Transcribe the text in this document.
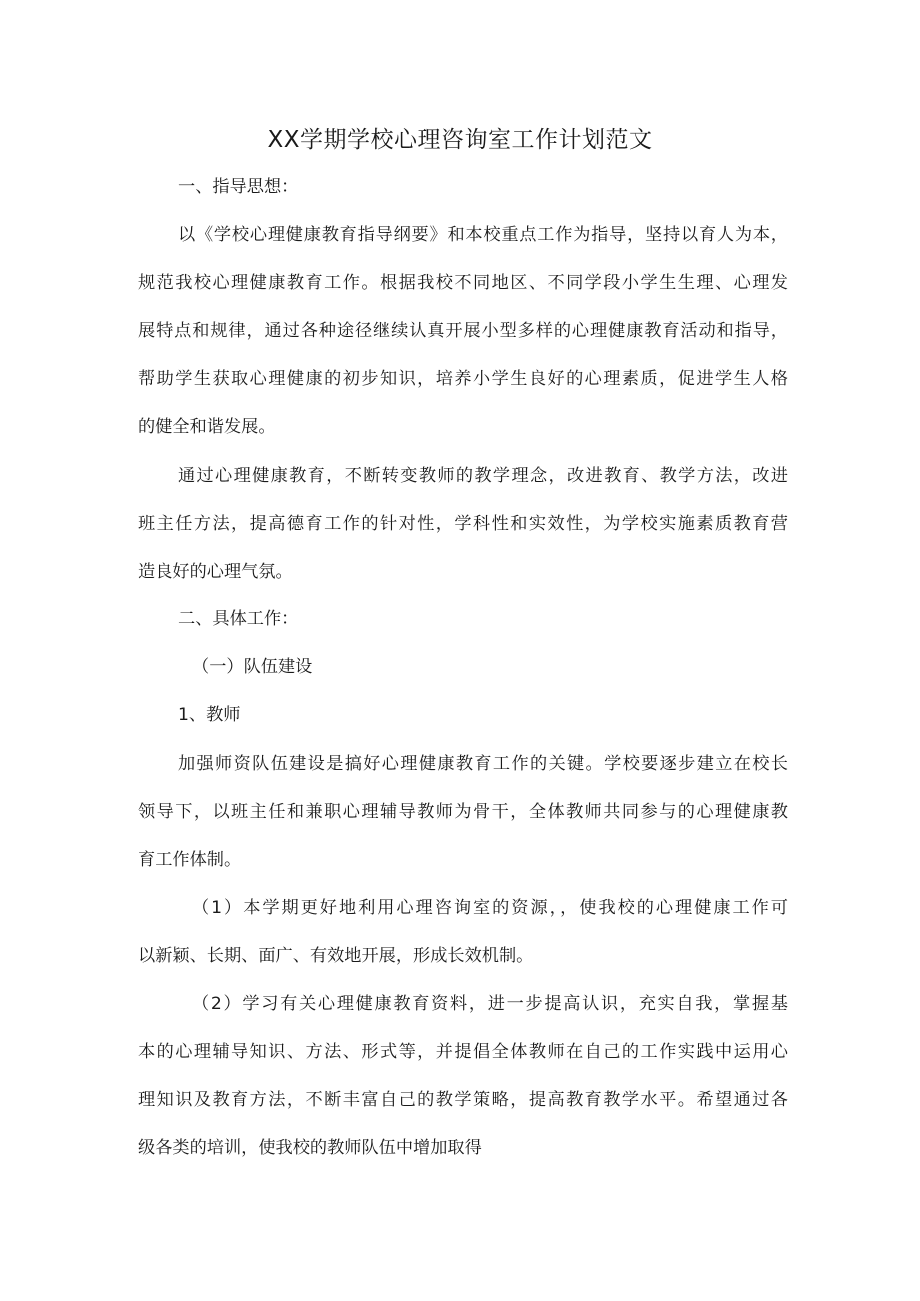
XX学期学校心理咨询室工作计划范文

一、指导思想：

以《学校心理健康教育指导纲要》和本校重点工作为指导，坚持以育人为本，

规范我校心理健康教育工作。根据我校不同地区、不同学段小学生生理、心理发

展特点和规律，通过各种途径继续认真开展小型多样的心理健康教育活动和指导，

帮助学生获取心理健康的初步知识，培养小学生良好的心理素质，促进学生人格

的健全和谐发展。

通过心理健康教育，不断转变教师的教学理念，改进教育、教学方法，改进

班主任方法，提高德育工作的针对性，学科性和实效性，为学校实施素质教育营

造良好的心理气氛。

二、具体工作：

（一）队伍建设

1、教师

加强师资队伍建设是搞好心理健康教育工作的关键。学校要逐步建立在校长

领导下，以班主任和兼职心理辅导教师为骨干，全体教师共同参与的心理健康教

育工作体制。

（1）本学期更好地利用心理咨询室的资源，，使我校的心理健康工作可

以新颖、长期、面广、有效地开展，形成长效机制。

（2）学习有关心理健康教育资料，进一步提高认识，充实自我，掌握基

本的心理辅导知识、方法、形式等，并提倡全体教师在自己的工作实践中运用心

理知识及教育方法，不断丰富自己的教学策略，提高教育教学水平。希望通过各

级各类的培训，使我校的教师队伍中增加取得
